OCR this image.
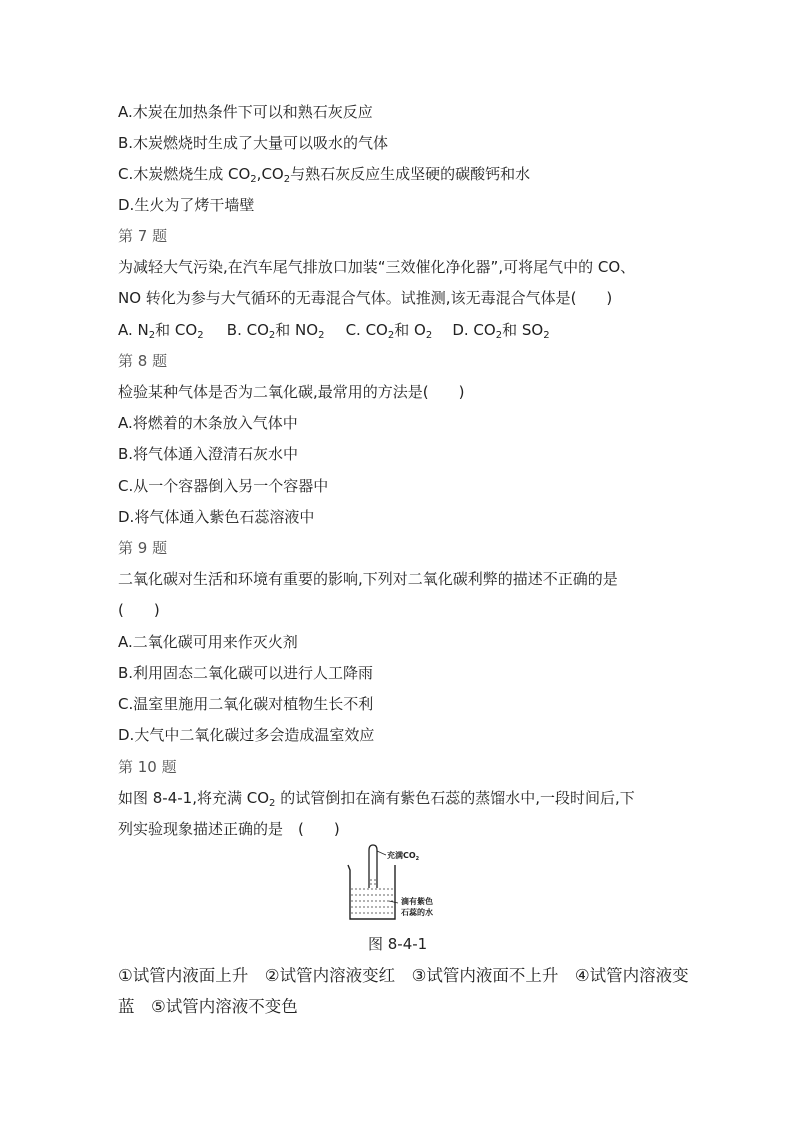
A.木炭在加热条件下可以和熟石灰反应
B.木炭燃烧时生成了大量可以吸水的气体
C.木炭燃烧生成 $CO_2,CO_2$与熟石灰反应生成坚硬的碳酸钙和水
D.生火为了烤干墙壁
第 7 题
为减轻大气污染,在汽车尾气排放口加装“三效催化净化器”,可将尾气中的 CO、
NO 转化为参与大气循环的无毒混合气体。试推测,该无毒混合气体是(　　)
A. $N_2$和 $CO_2$ B. $CO_2$和 $NO_2$ C. $CO_2$和 $O_2$ D. $CO_2$和 $SO_2$
第 8 题
检验某种气体是否为二氧化碳,最常用的方法是(　　)
A.将燃着的木条放入气体中
B.将气体通入澄清石灰水中
C.从一个容器倒入另一个容器中
D.将气体通入紫色石蕊溶液中
第 9 题
二氧化碳对生活和环境有重要的影响,下列对二氧化碳利弊的描述不正确的是
(　　)
A.二氧化碳可用来作灭火剂
B.利用固态二氧化碳可以进行人工降雨
C.温室里施用二氧化碳对植物生长不利
D.大气中二氧化碳过多会造成温室效应
第 10 题
如图 8-4-1,将充满 $CO_2$ 的试管倒扣在滴有紫色石蕊的蒸馏水中,一段时间后,下
列实验现象描述正确的是　(　　)
充满$CO_2$
滴有紫色
石蕊的水
图 8-4-1
①试管内液面上升　②试管内溶液变红　③试管内液面不上升　④试管内溶液变
蓝　⑤试管内溶液不变色
